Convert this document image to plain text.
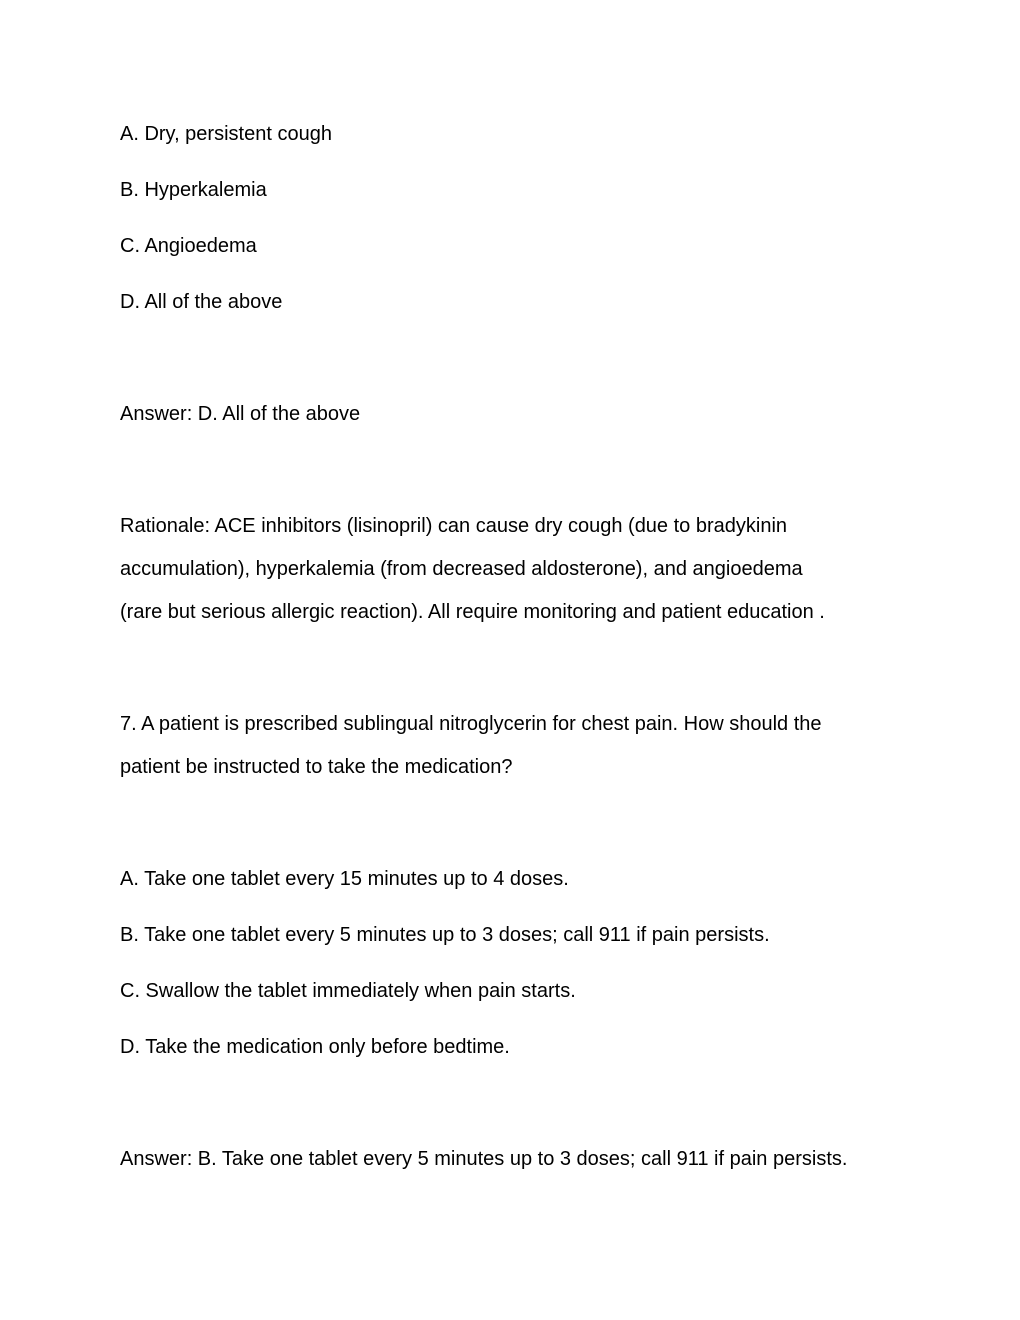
A. Dry, persistent cough

B. Hyperkalemia

C. Angioedema

D. All of the above

Answer: D. All of the above

Rationale: ACE inhibitors (lisinopril) can cause dry cough (due to bradykinin

accumulation), hyperkalemia (from decreased aldosterone), and angioedema

(rare but serious allergic reaction). All require monitoring and patient education .

7. A patient is prescribed sublingual nitroglycerin for chest pain. How should the

patient be instructed to take the medication?

A. Take one tablet every 15 minutes up to 4 doses.

B. Take one tablet every 5 minutes up to 3 doses; call 911 if pain persists.

C. Swallow the tablet immediately when pain starts.

D. Take the medication only before bedtime.

Answer: B. Take one tablet every 5 minutes up to 3 doses; call 911 if pain persists.
